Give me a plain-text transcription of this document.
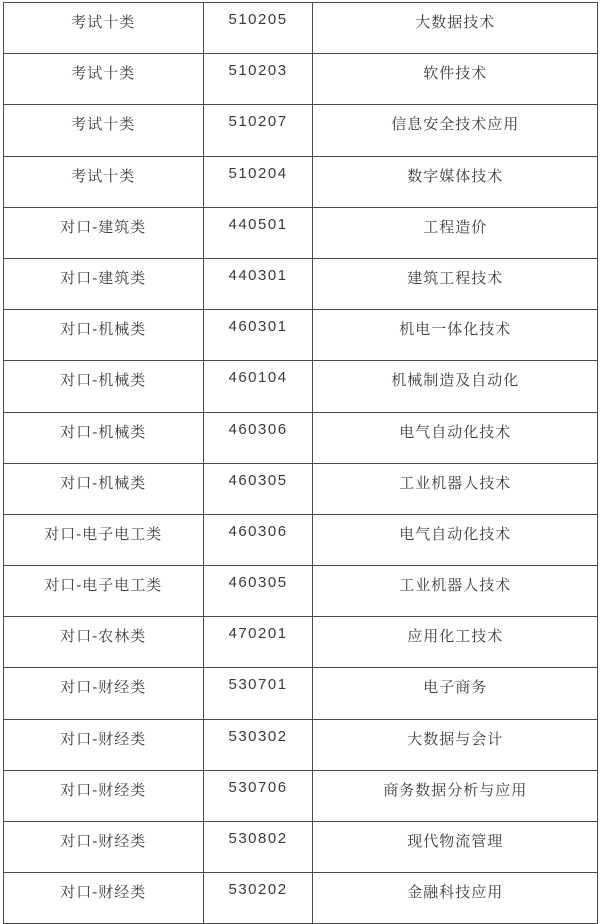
考试十类	510205	大数据技术
考试十类	510203	软件技术
考试十类	510207	信息安全技术应用
考试十类	510204	数字媒体技术
对口-建筑类	440501	工程造价
对口-建筑类	440301	建筑工程技术
对口-机械类	460301	机电一体化技术
对口-机械类	460104	机械制造及自动化
对口-机械类	460306	电气自动化技术
对口-机械类	460305	工业机器人技术
对口-电子电工类	460306	电气自动化技术
对口-电子电工类	460305	工业机器人技术
对口-农林类	470201	应用化工技术
对口-财经类	530701	电子商务
对口-财经类	530302	大数据与会计
对口-财经类	530706	商务数据分析与应用
对口-财经类	530802	现代物流管理
对口-财经类	530202	金融科技应用
